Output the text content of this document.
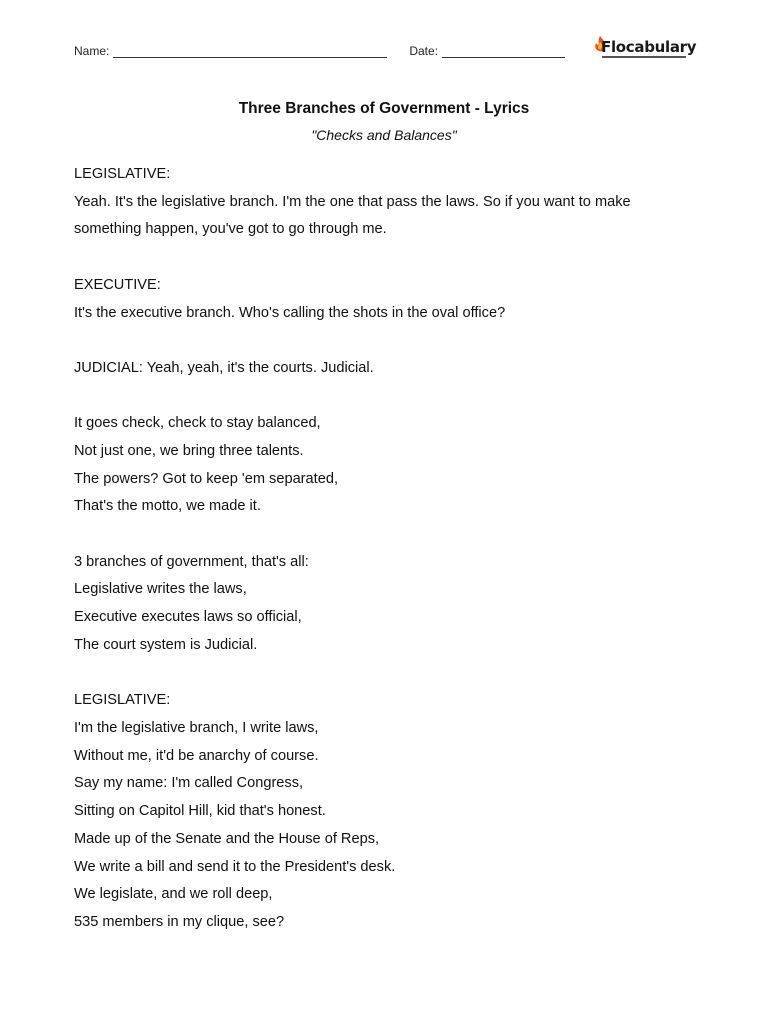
Name:	Date:	Flocabulary
Three Branches of Government - Lyrics
"Checks and Balances"
LEGISLATIVE:
Yeah. It's the legislative branch. I'm the one that pass the laws. So if you want to make
something happen, you've got to go through me.
EXECUTIVE:
It's the executive branch. Who's calling the shots in the oval office?
JUDICIAL: Yeah, yeah, it's the courts. Judicial.
It goes check, check to stay balanced,
Not just one, we bring three talents.
The powers? Got to keep 'em separated,
That's the motto, we made it.
3 branches of government, that's all:
Legislative writes the laws,
Executive executes laws so official,
The court system is Judicial.
LEGISLATIVE:
I'm the legislative branch, I write laws,
Without me, it'd be anarchy of course.
Say my name: I'm called Congress,
Sitting on Capitol Hill, kid that's honest.
Made up of the Senate and the House of Reps,
We write a bill and send it to the President's desk.
We legislate, and we roll deep,
535 members in my clique, see?
